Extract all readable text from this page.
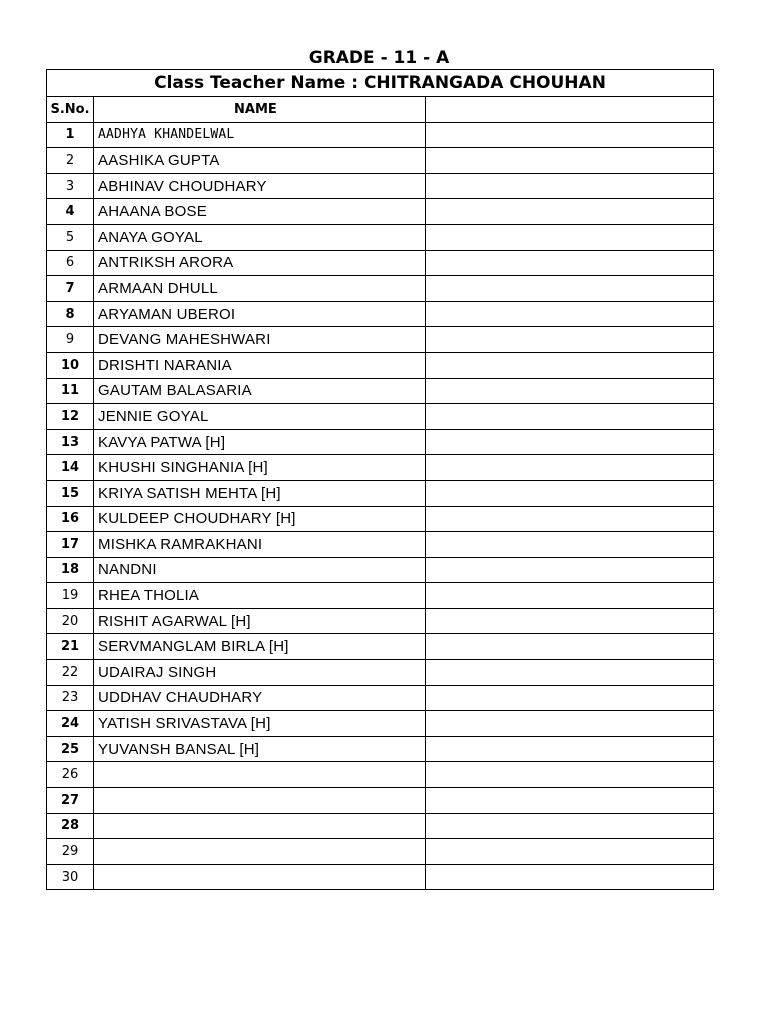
GRADE - 11 - A
Class Teacher Name : CHITRANGADA CHOUHAN		
S.No.	NAME	
1	AADHYA KHANDELWAL	
2	AASHIKA GUPTA	
3	ABHINAV CHOUDHARY	
4	AHAANA BOSE	
5	ANAYA GOYAL	
6	ANTRIKSH ARORA	
7	ARMAAN DHULL	
8	ARYAMAN UBEROI	
9	DEVANG MAHESHWARI	
10	DRISHTI NARANIA	
11	GAUTAM BALASARIA	
12	JENNIE GOYAL	
13	KAVYA PATWA [H]	
14	KHUSHI SINGHANIA [H]	
15	KRIYA SATISH MEHTA [H]	
16	KULDEEP CHOUDHARY [H]	
17	MISHKA RAMRAKHANI	
18	NANDNI	
19	RHEA THOLIA	
20	RISHIT AGARWAL [H]	
21	SERVMANGLAM BIRLA [H]	
22	UDAIRAJ SINGH	
23	UDDHAV CHAUDHARY	
24	YATISH SRIVASTAVA [H]	
25	YUVANSH BANSAL [H]	
26		
27		
28		
29		
30		
